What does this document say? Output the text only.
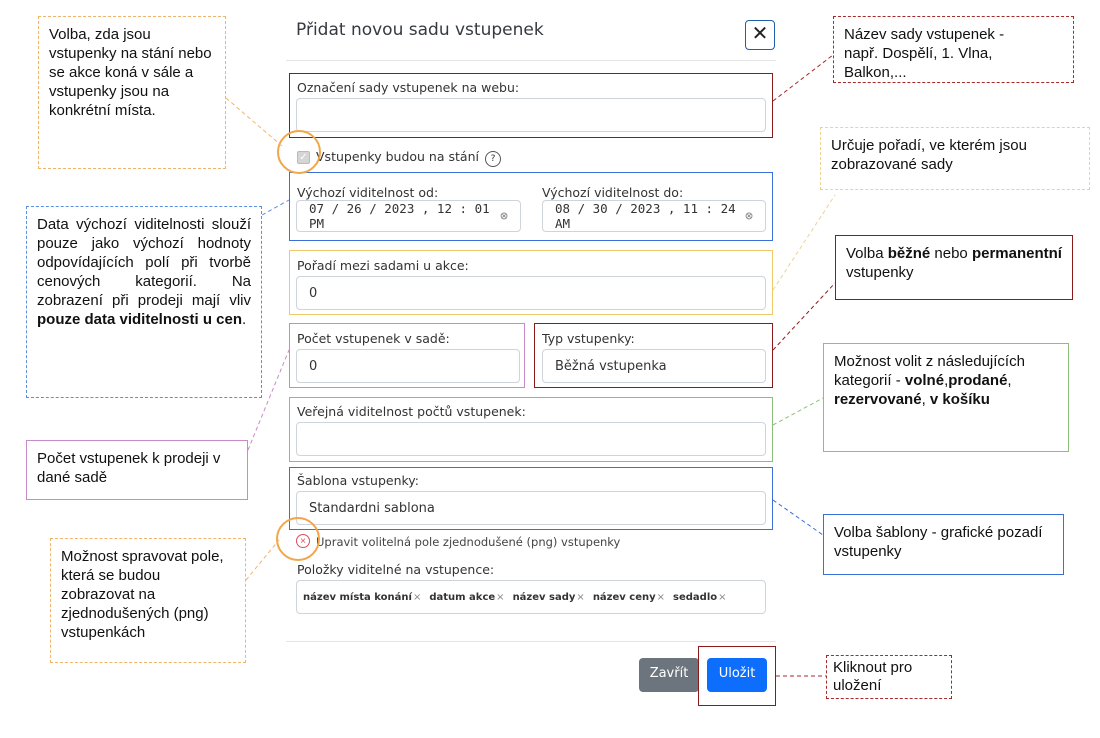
Přidat novou sadu vstupenek	✕
Označení sady vstupenek na webu:
✓ Vstupenky budou na stání ?
Výchozí viditelnost od:
07 / 26 / 2023 , 12 : 01 PM	⊗
Výchozí viditelnost do:
08 / 30 / 2023 , 11 : 24 AM	⊗
Pořadí mezi sadami u akce:
0
Počet vstupenek v sadě:
0
Typ vstupenky:
Běžná vstupenka
Veřejná viditelnost počtů vstupenek:
Šablona vstupenky:
Standardni sablona
× Upravit volitelná pole zjednodušené (png) vstupenky
Položky viditelné na vstupence:
název místa konání× datum akce× název sady× název ceny× sedadlo×
Zavřít	Uložit
Volba, zda jsou vstupenky na stání nebo se akce koná v sále a vstupenky jsou na konkrétní místa.
Název sady vstupenek -
např. Dospělí, 1. Vlna,
Balkon,...
Určuje pořadí, ve kterém jsou zobrazované sady
Data výchozí viditelnosti slouží pouze jako výchozí hodnoty odpovídajících polí při tvorbě cenových kategorií. Na zobrazení při prodeji mají vliv pouze data viditelnosti u cen.
Volba běžné nebo permanentní vstupenky
Možnost volit z následujících kategorií - volné,prodané, rezervované, v košíku
Počet vstupenek k prodeji v dané sadě
Volba šablony - grafické pozadí vstupenky
Možnost spravovat pole, která se budou zobrazovat na zjednodušených (png) vstupenkách
Kliknout pro uložení
